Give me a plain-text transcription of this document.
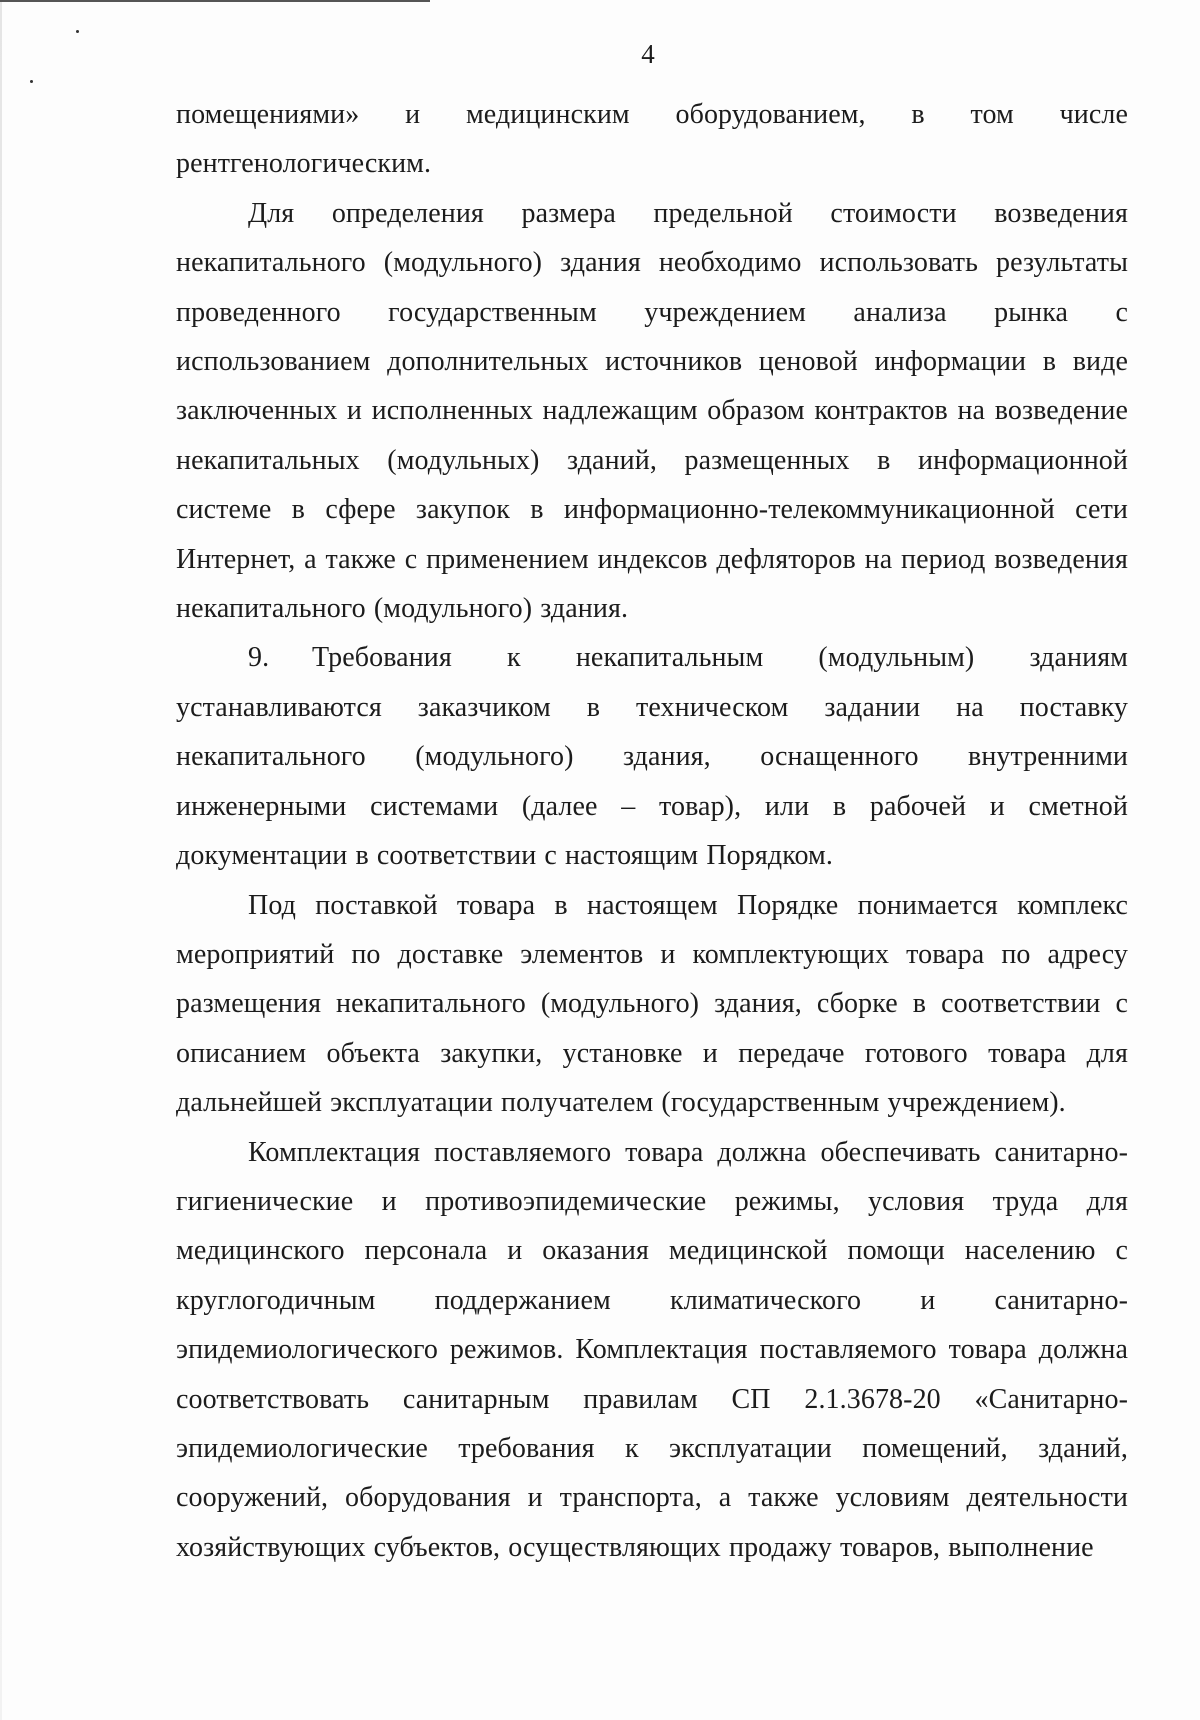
4

помещениями» и медицинским оборудованием, в том числе рентгенологическим.

Для определения размера предельной стоимости возведения некапитального (модульного) здания необходимо использовать результаты проведенного государственным учреждением анализа рынка с использованием дополнительных источников ценовой информации в виде заключенных и исполненных надлежащим образом контрактов на возведение некапитальных (модульных) зданий, размещенных в информационной системе в сфере закупок в информационно-телекоммуникационной сети Интернет, а также с применением индексов дефляторов на период возведения некапитального (модульного) здания.

9. Требования к некапитальным (модульным) зданиям устанавливаются заказчиком в техническом задании на поставку некапитального (модульного) здания, оснащенного внутренними инженерными системами (далее – товар), или в рабочей и сметной документации в соответствии с настоящим Порядком.

Под поставкой товара в настоящем Порядке понимается комплекс мероприятий по доставке элементов и комплектующих товара по адресу размещения некапитального (модульного) здания, сборке в соответствии с описанием объекта закупки, установке и передаче готового товара для дальнейшей эксплуатации получателем (государственным учреждением).

Комплектация поставляемого товара должна обеспечивать санитарно-гигиенические и противоэпидемические режимы, условия труда для медицинского персонала и оказания медицинской помощи населению с круглогодичным поддержанием климатического и санитарно-эпидемиологического режимов. Комплектация поставляемого товара должна соответствовать санитарным правилам СП 2.1.3678-20 «Санитарно-эпидемиологические требования к эксплуатации помещений, зданий, сооружений, оборудования и транспорта, а также условиям деятельности хозяйствующих субъектов, осуществляющих продажу товаров, выполнение
